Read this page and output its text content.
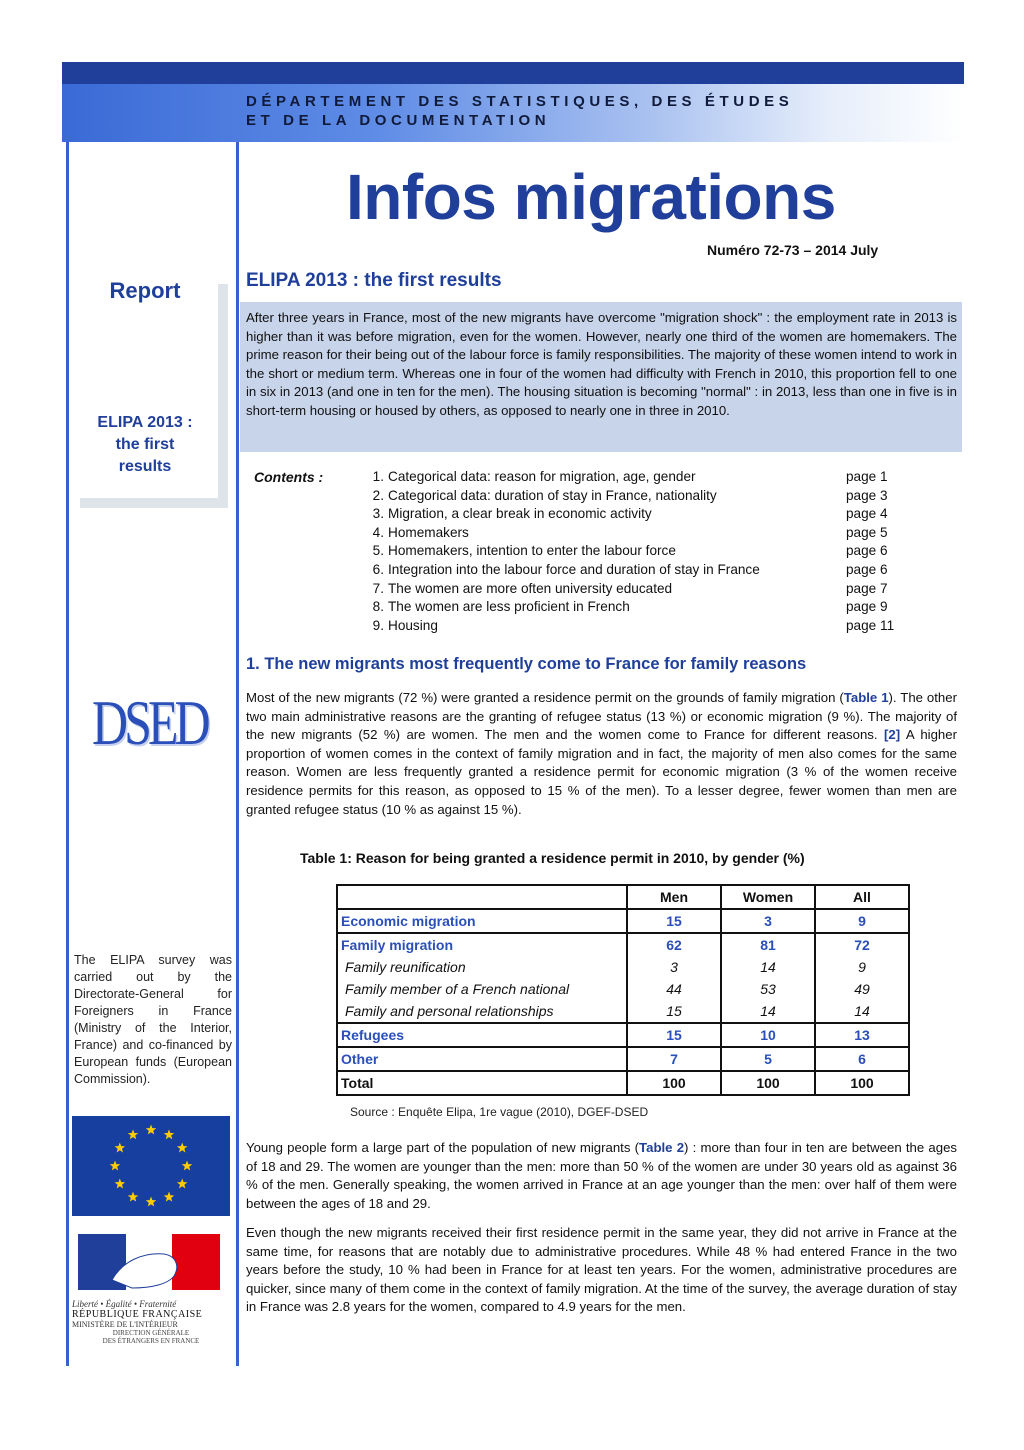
DÉPARTEMENT DES STATISTIQUES, DES ÉTUDES
ET DE LA DOCUMENTATION
Report
ELIPA 2013 :
the first
results
DSED
The ELIPA survey was carried out by the Directorate-General for Foreigners in France (Ministry of the Interior, France) and co-financed by European funds (European Commission).
Liberté • Égalité • Fraternité
RÉPUBLIQUE FRANÇAISE
MINISTÈRE DE L'INTÉRIEUR
DIRECTION GÉNÉRALE
DES ÉTRANGERS EN FRANCE
Infos migrations
Numéro 72-73 – 2014 July
ELIPA 2013 : the first results
After three years in France, most of the new migrants have overcome "migration shock" : the employment rate in 2013 is higher than it was before migration, even for the women. However, nearly one third of the women are homemakers. The prime reason for their being out of the labour force is family responsibilities. The majority of these women intend to work in the short or medium term. Whereas one in four of the women had difficulty with French in 2010, this proportion fell to one in six in 2013 (and one in ten for the men). The housing situation is becoming "normal" : in 2013, less than one in five is in short-term housing or housed by others, as opposed to nearly one in three in 2010.
Contents :	1. Categorical data: reason for migration, age, gender	page 1
2. Categorical data: duration of stay in France, nationality	page 3
3. Migration, a clear break in economic activity	page 4
4. Homemakers	page 5
5. Homemakers, intention to enter the labour force	page 6
6. Integration into the labour force and duration of stay in France	page 6
7. The women are more often university educated	page 7
8. The women are less proficient in French	page 9
9. Housing	page 11
1. The new migrants most frequently come to France for family reasons
Most of the new migrants (72 %) were granted a residence permit on the grounds of family migration (Table 1). The other two main administrative reasons are the granting of refugee status (13 %) or economic migration (9 %). The majority of the new migrants (52 %) are women. The men and the women come to France for different reasons. [2] A higher proportion of women comes in the context of family migration and in fact, the majority of men also comes for the same reason. Women are less frequently granted a residence permit for economic migration (3 % of the women receive residence permits for this reason, as opposed to 15 % of the men). To a lesser degree, fewer women than men are granted refugee status (10 % as against 15 %).
Table 1: Reason for being granted a residence permit in 2010, by gender (%)
	Men	Women	All
Economic migration	15	3	9
Family migration	62	81	72
Family reunification	3	14	9
Family member of a French national	44	53	49
Family and personal relationships	15	14	14
Refugees	15	10	13
Other	7	5	6
Total	100	100	100
Source : Enquête Elipa, 1re vague (2010), DGEF-DSED
Young people form a large part of the population of new migrants (Table 2) : more than four in ten are between the ages of 18 and 29. The women are younger than the men: more than 50 % of the women are under 30 years old as against 36 % of the men. Generally speaking, the women arrived in France at an age younger than the men: over half of them were between the ages of 18 and 29.
Even though the new migrants received their first residence permit in the same year, they did not arrive in France at the same time, for reasons that are notably due to administrative procedures. While 48 % had entered France in the two years before the study, 10 % had been in France for at least ten years. For the women, administrative procedures are quicker, since many of them come in the context of family migration. At the time of the survey, the average duration of stay in France was 2.8 years for the women, compared to 4.9 years for the men.
